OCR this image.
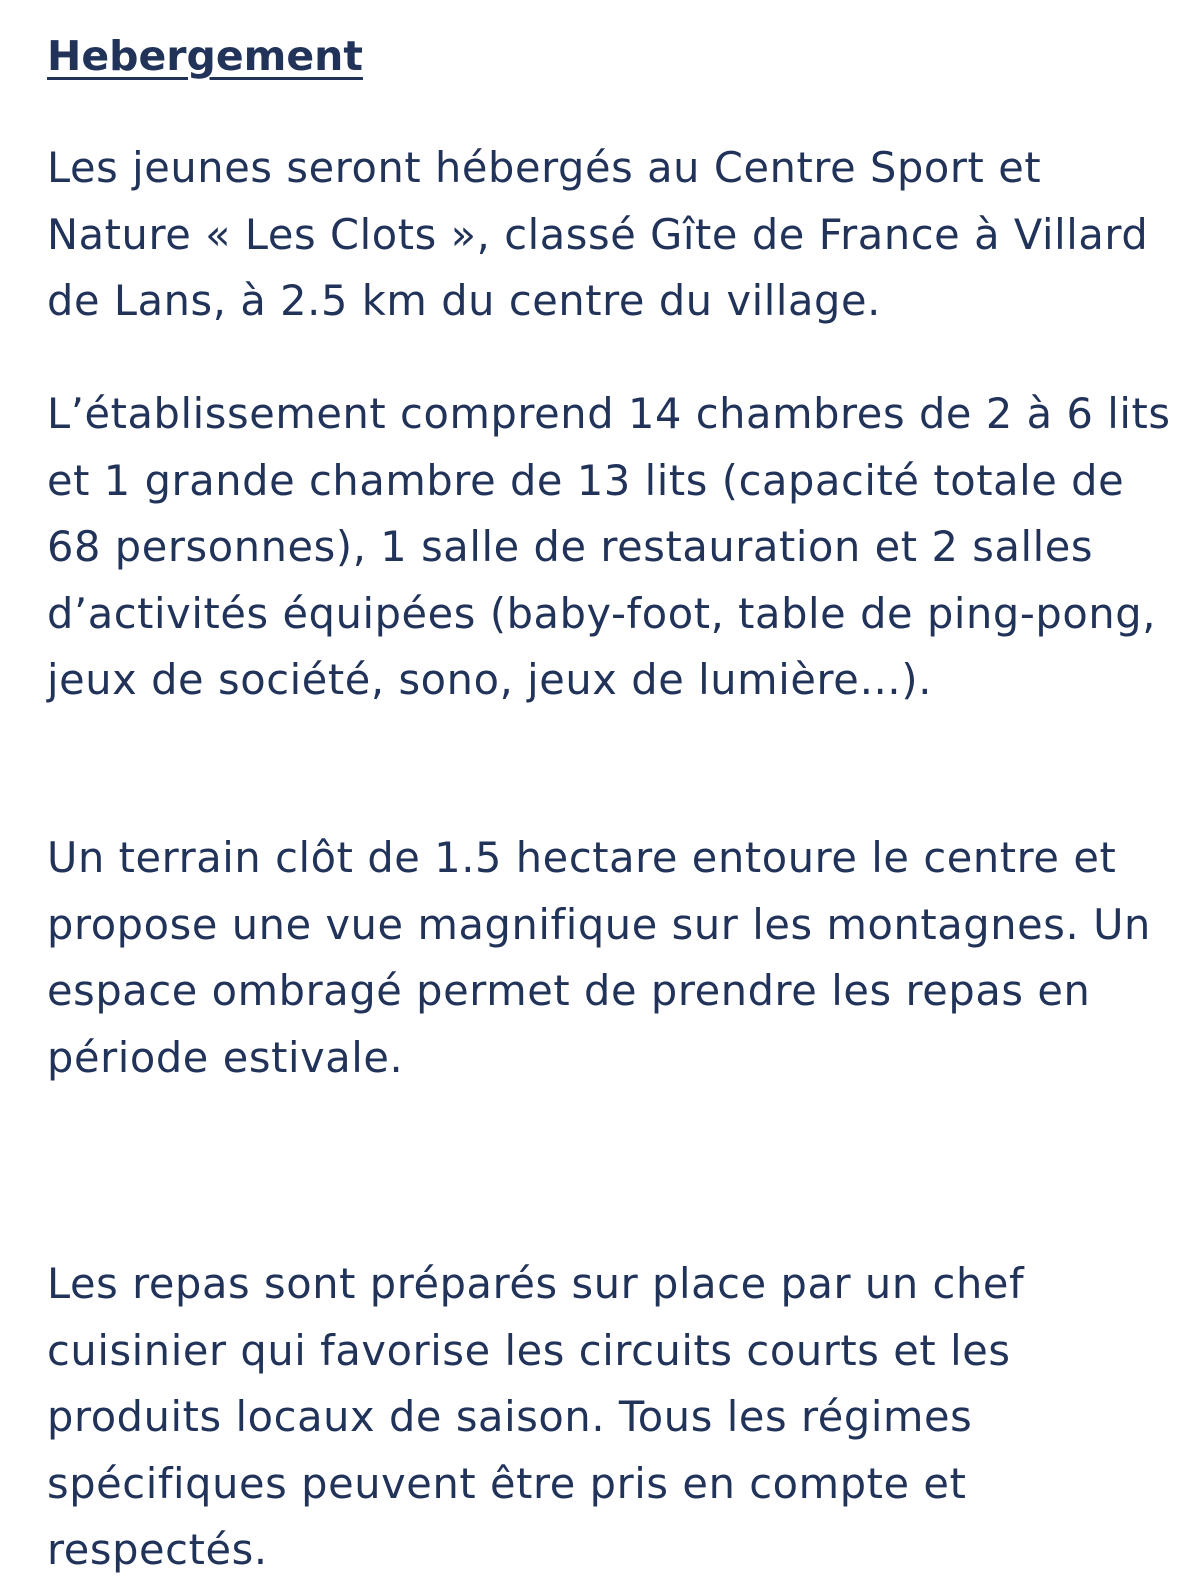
Hebergement

Les jeunes seront hébergés au Centre Sport et Nature « Les Clots », classé Gîte de France à Villard de Lans, à 2.5 km du centre du village.

L’établissement comprend 14 chambres de 2 à 6 lits et 1 grande chambre de 13 lits (capacité totale de 68 personnes), 1 salle de restauration et 2 salles d’activités équipées (baby-foot, table de ping-pong, jeux de société, sono, jeux de lumière…).

Un terrain clôt de 1.5 hectare entoure le centre et propose une vue magnifique sur les montagnes. Un espace ombragé permet de prendre les repas en période estivale.

Les repas sont préparés sur place par un chef cuisinier qui favorise les circuits courts et les produits locaux de saison. Tous les régimes spécifiques peuvent être pris en compte et respectés.
